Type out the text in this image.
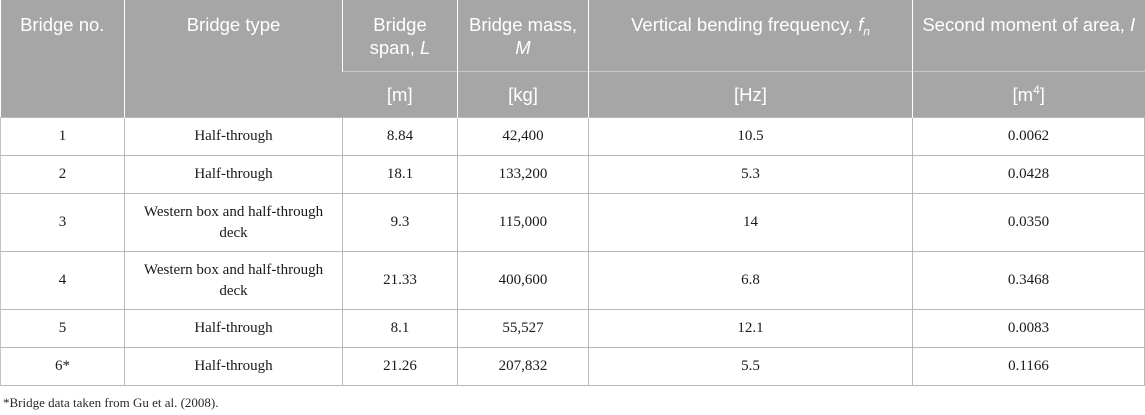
Bridge no.	Bridge type	Bridge span, L	Bridge mass, M	Vertical bending frequency, $f_n$	Second moment of area, I
		[m]	[kg]	[Hz]	$[m^4]$
1	Half-through	8.84	42,400	10.5	0.0062
2	Half-through	18.1	133,200	5.3	0.0428
3	Western box and half-through deck	9.3	115,000	14	0.0350
4	Western box and half-through deck	21.33	400,600	6.8	0.3468
5	Half-through	8.1	55,527	12.1	0.0083
6*	Half-through	21.26	207,832	5.5	0.1166
*Bridge data taken from Gu et al. (2008).
